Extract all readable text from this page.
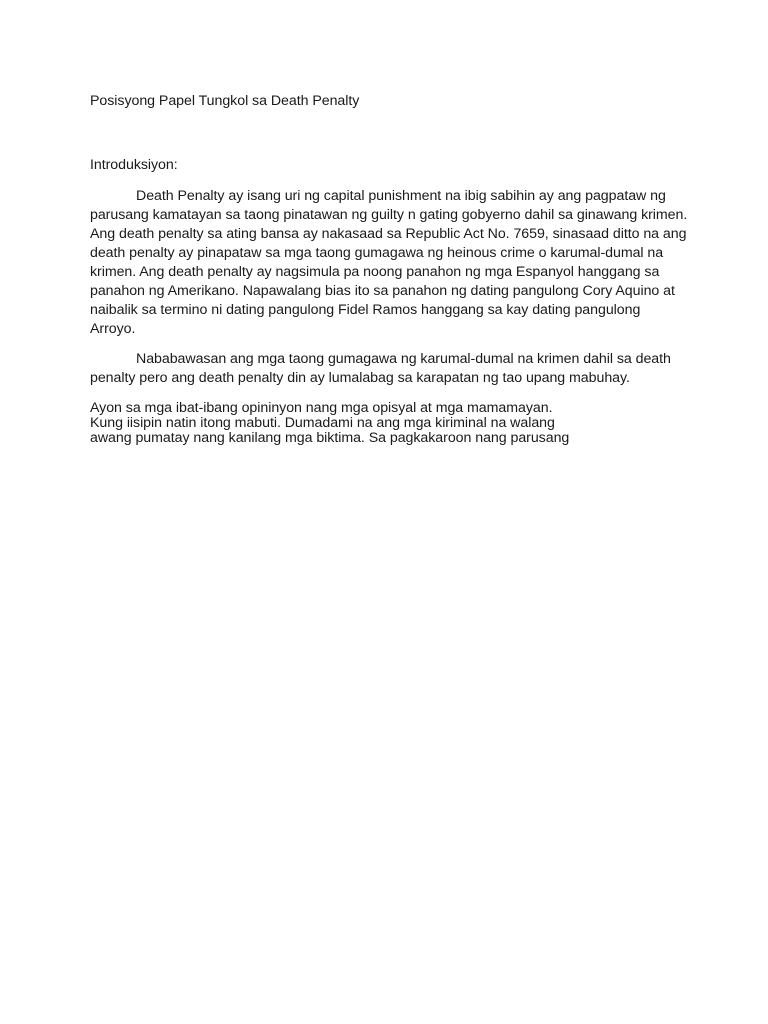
Posisyong Papel Tungkol sa Death Penalty
Introduksiyon:
Death Penalty ay isang uri ng capital punishment na ibig sabihin ay ang pagpataw ng
parusang kamatayan sa taong pinatawan ng guilty n gating gobyerno dahil sa ginawang krimen.
Ang death penalty sa ating bansa ay nakasaad sa Republic Act No. 7659, sinasaad ditto na ang
death penalty ay pinapataw sa mga taong gumagawa ng heinous crime o karumal-dumal na
krimen. Ang death penalty ay nagsimula pa noong panahon ng mga Espanyol hanggang sa
panahon ng Amerikano. Napawalang bias ito sa panahon ng dating pangulong Cory Aquino at
naibalik sa termino ni dating pangulong Fidel Ramos hanggang sa kay dating pangulong
Arroyo.
Nababawasan ang mga taong gumagawa ng karumal-dumal na krimen dahil sa death
penalty pero ang death penalty din ay lumalabag sa karapatan ng tao upang mabuhay.
Ayon sa mga ibat-ibang opininyon nang mga opisyal at mga mamamayan.
Kung iisipin natin itong mabuti. Dumadami na ang mga kiriminal na walang
awang pumatay nang kanilang mga biktima. Sa pagkakaroon nang parusang
